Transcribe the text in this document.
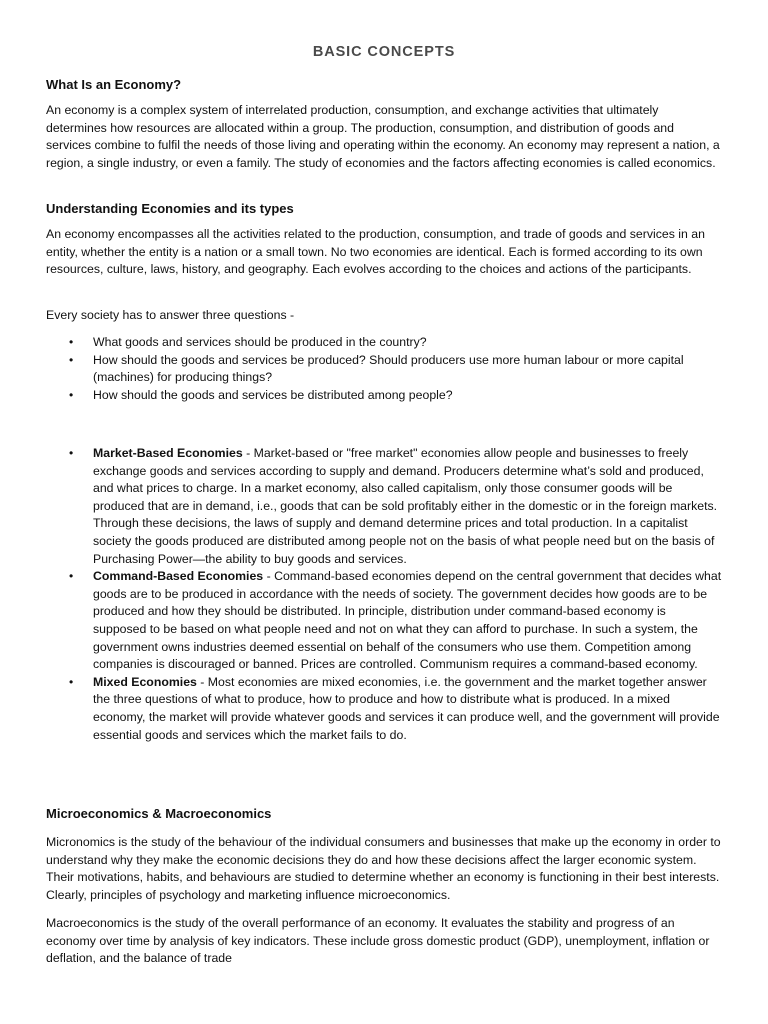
BASIC CONCEPTS
What Is an Economy?

An economy is a complex system of interrelated production, consumption, and exchange activities that ultimately determines how resources are allocated within a group. The production, consumption, and distribution of goods and services combine to fulfil the needs of those living and operating within the economy. An economy may represent a nation, a region, a single industry, or even a family. The study of economies and the factors affecting economies is called economics.

Understanding Economies and its types

An economy encompasses all the activities related to the production, consumption, and trade of goods and services in an entity, whether the entity is a nation or a small town. No two economies are identical. Each is formed according to its own resources, culture, laws, history, and geography. Each evolves according to the choices and actions of the participants.

Every society has to answer three questions -

• What goods and services should be produced in the country?
• How should the goods and services be produced? Should producers use more human labour or more capital (machines) for producing things?
• How should the goods and services be distributed among people?
• Market-Based Economies - Market-based or "free market" economies allow people and businesses to freely exchange goods and services according to supply and demand. Producers determine what’s sold and produced, and what prices to charge. In a market economy, also called capitalism, only those consumer goods will be produced that are in demand, i.e., goods that can be sold profitably either in the domestic or in the foreign markets. Through these decisions, the laws of supply and demand determine prices and total production. In a capitalist society the goods produced are distributed among people not on the basis of what people need but on the basis of Purchasing Power—the ability to buy goods and services.
• Command-Based Economies - Command-based economies depend on the central government that decides what goods are to be produced in accordance with the needs of society. The government decides how goods are to be produced and how they should be distributed. In principle, distribution under command-based economy is supposed to be based on what people need and not on what they can afford to purchase. In such a system, the government owns industries deemed essential on behalf of the consumers who use them. Competition among companies is discouraged or banned. Prices are controlled. Communism requires a command-based economy.
• Mixed Economies - Most economies are mixed economies, i.e. the government and the market together answer the three questions of what to produce, how to produce and how to distribute what is produced. In a mixed economy, the market will provide whatever goods and services it can produce well, and the government will provide essential goods and services which the market fails to do.
Microeconomics & Macroeconomics

Micronomics is the study of the behaviour of the individual consumers and businesses that make up the economy in order to understand why they make the economic decisions they do and how these decisions affect the larger economic system. Their motivations, habits, and behaviours are studied to determine whether an economy is functioning in their best interests. Clearly, principles of psychology and marketing influence microeconomics.

Macroeconomics is the study of the overall performance of an economy. It evaluates the stability and progress of an economy over time by analysis of key indicators. These include gross domestic product (GDP), unemployment, inflation or deflation, and the balance of trade
